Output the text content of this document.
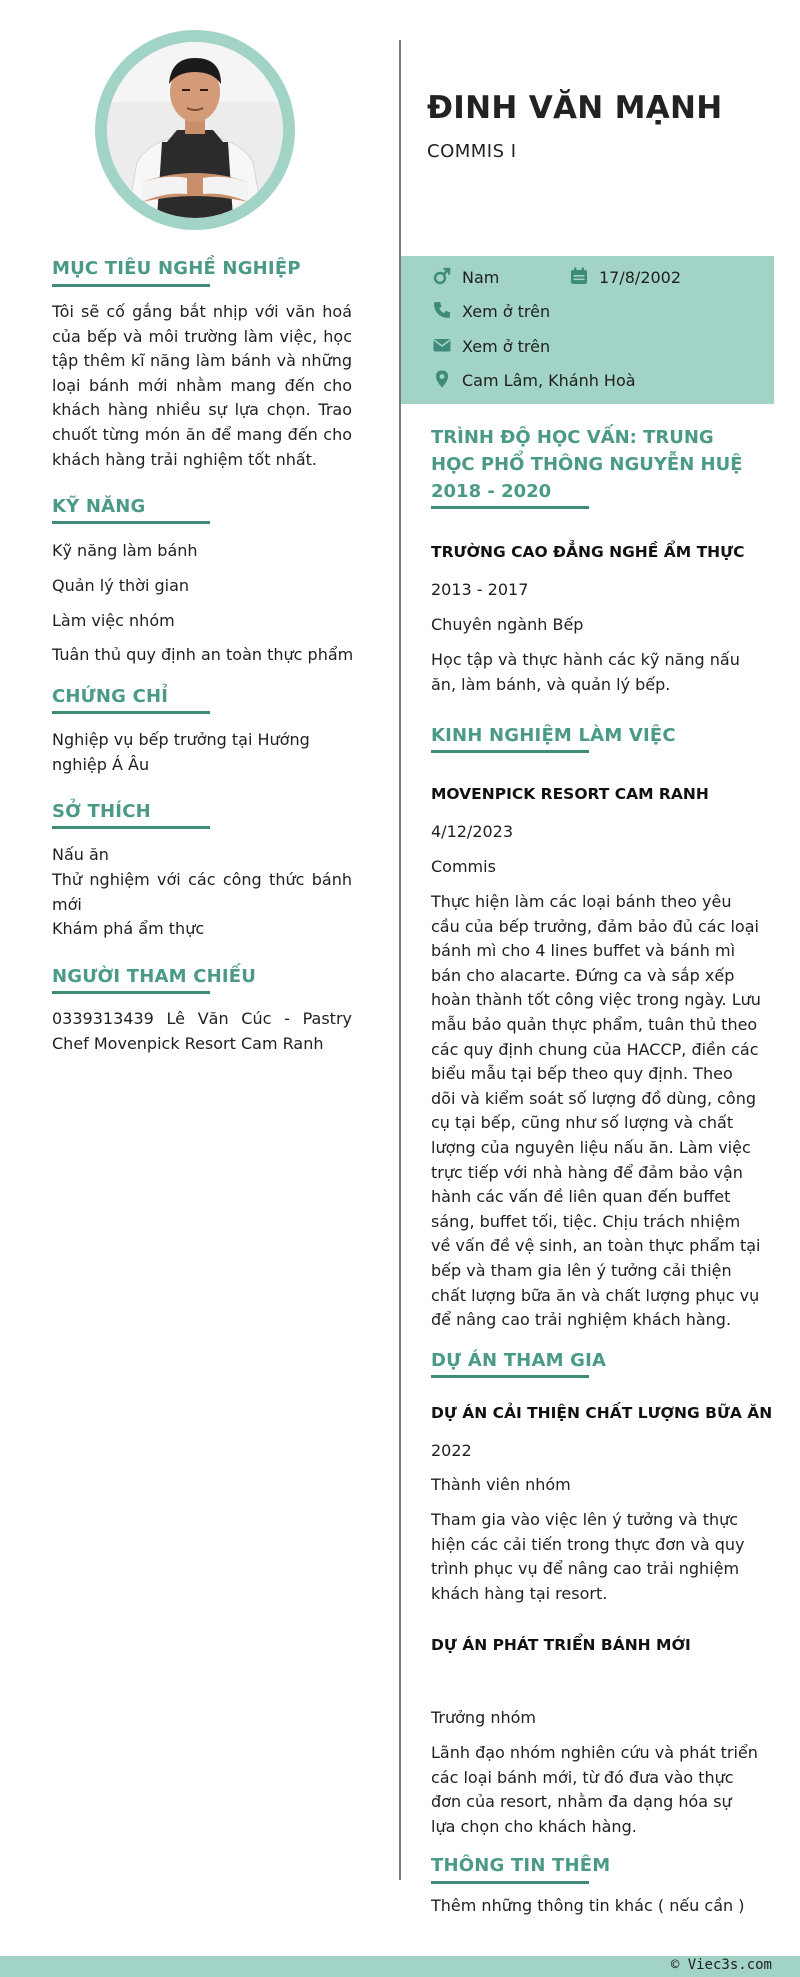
MỤC TIÊU NGHỀ NGHIỆP
Tôi sẽ cố gắng bắt nhịp với văn hoá của bếp và môi trường làm việc, học tập thêm kĩ năng làm bánh và những loại bánh mới nhằm mang đến cho khách hàng nhiều sự lựa chọn. Trao chuốt từng món ăn để mang đến cho khách hàng trải nghiệm tốt nhất.
KỸ NĂNG
Kỹ năng làm bánh
Quản lý thời gian
Làm việc nhóm
Tuân thủ quy định an toàn thực phẩm
CHỨNG CHỈ
Nghiệp vụ bếp trưởng tại Hướng nghiệp Á Âu
SỞ THÍCH
Nấu ăn
Thử nghiệm với các công thức bánh mới
Khám phá ẩm thực
NGƯỜI THAM CHIẾU
0339313439 Lê Văn Cúc - Pastry Chef Movenpick Resort Cam Ranh
ĐINH VĂN MẠNH
COMMIS I
Nam	17/8/2002
Xem ở trên
Xem ở trên
Cam Lâm, Khánh Hoà
TRÌNH ĐỘ HỌC VẤN: TRUNG HỌC PHỔ THÔNG NGUYỄN HUỆ 2018 - 2020
TRƯỜNG CAO ĐẲNG NGHỀ ẨM THỰC
2013 - 2017
Chuyên ngành Bếp
Học tập và thực hành các kỹ năng nấu ăn, làm bánh, và quản lý bếp.
KINH NGHIỆM LÀM VIỆC
MOVENPICK RESORT CAM RANH
4/12/2023
Commis
Thực hiện làm các loại bánh theo yêu cầu của bếp trưởng, đảm bảo đủ các loại bánh mì cho 4 lines buffet và bánh mì bán cho alacarte. Đứng ca và sắp xếp hoàn thành tốt công việc trong ngày. Lưu mẫu bảo quản thực phẩm, tuân thủ theo các quy định chung của HACCP, điền các biểu mẫu tại bếp theo quy định. Theo dõi và kiểm soát số lượng đồ dùng, công cụ tại bếp, cũng như số lượng và chất lượng của nguyên liệu nấu ăn. Làm việc trực tiếp với nhà hàng để đảm bảo vận hành các vấn đề liên quan đến buffet sáng, buffet tối, tiệc. Chịu trách nhiệm về vấn đề vệ sinh, an toàn thực phẩm tại bếp và tham gia lên ý tưởng cải thiện chất lượng bữa ăn và chất lượng phục vụ để nâng cao trải nghiệm khách hàng.
DỰ ÁN THAM GIA
DỰ ÁN CẢI THIỆN CHẤT LƯỢNG BỮA ĂN
2022
Thành viên nhóm
Tham gia vào việc lên ý tưởng và thực hiện các cải tiến trong thực đơn và quy trình phục vụ để nâng cao trải nghiệm khách hàng tại resort.
DỰ ÁN PHÁT TRIỂN BÁNH MỚI
Trưởng nhóm
Lãnh đạo nhóm nghiên cứu và phát triển các loại bánh mới, từ đó đưa vào thực đơn của resort, nhằm đa dạng hóa sự lựa chọn cho khách hàng.
THÔNG TIN THÊM
Thêm những thông tin khác ( nếu cần )
© Viec3s.com
